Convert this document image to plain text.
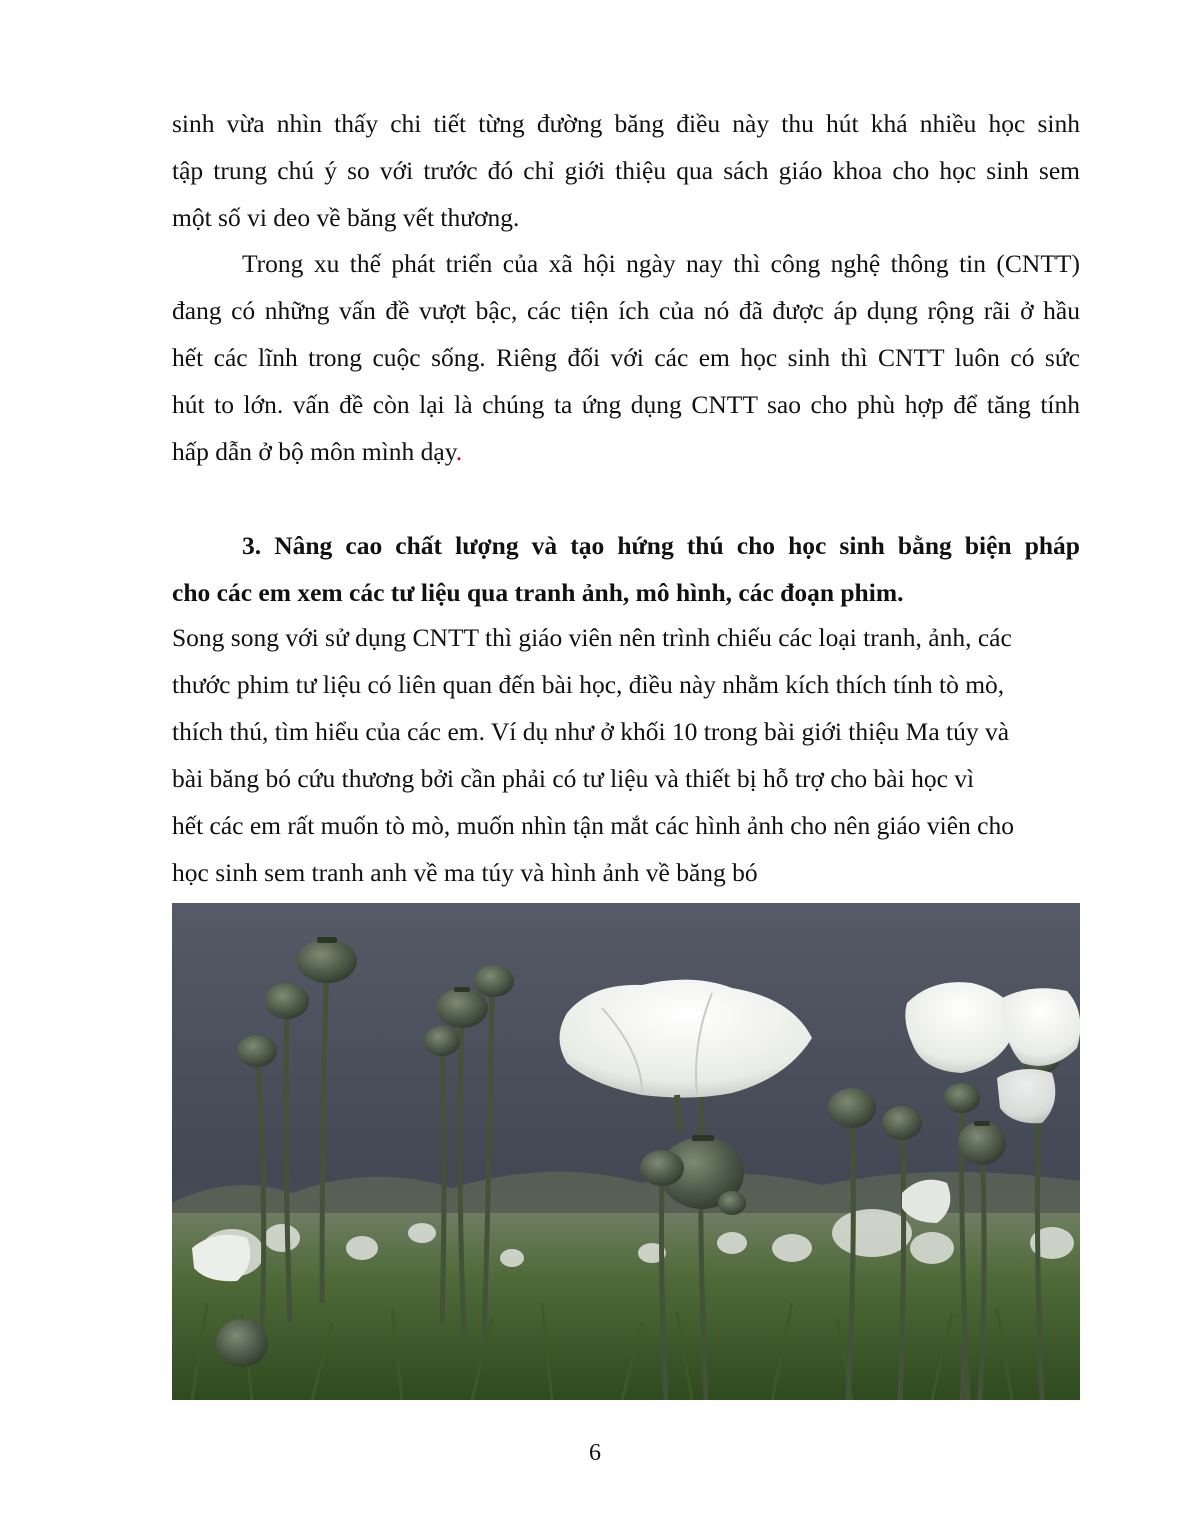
sinh vừa nhìn thấy chi tiết từng đường băng điều này thu hút khá nhiều học sinh

tập trung chú ý so với trước đó chỉ giới thiệu qua sách giáo khoa cho học sinh sem

một số vi deo về băng vết thương.

Trong xu thế phát triển của xã hội ngày nay thì công nghệ thông tin (CNTT)

đang có những vấn đề vượt bậc, các tiện ích của nó đã được áp dụng rộng rãi ở hầu

hết các lĩnh trong cuộc sống. Riêng đối với các em học sinh thì CNTT luôn có sức

hút to lớn. vấn đề còn lại là chúng ta ứng dụng CNTT sao cho phù hợp để tăng tính

hấp dẫn ở bộ môn mình dạy.

3. Nâng cao chất lượng và tạo hứng thú cho học sinh bằng biện pháp

cho các em xem các tư liệu qua tranh ảnh, mô hình, các đoạn phim.

Song song với sử dụng CNTT thì giáo viên nên trình chiếu các loại tranh, ảnh, các

thước phim tư liệu có liên quan đến bài học, điều này nhằm kích thích tính tò mò,

thích thú, tìm hiểu của các em. Ví dụ như ở khối 10 trong bài giới thiệu Ma túy và

bài băng bó cứu thương bởi cần phải có tư liệu và thiết bị hỗ trợ cho bài học vì

hết các em rất muốn tò mò, muốn nhìn tận mắt các hình ảnh cho nên giáo viên cho

học sinh sem tranh anh về ma túy và hình ảnh về băng bó

6
